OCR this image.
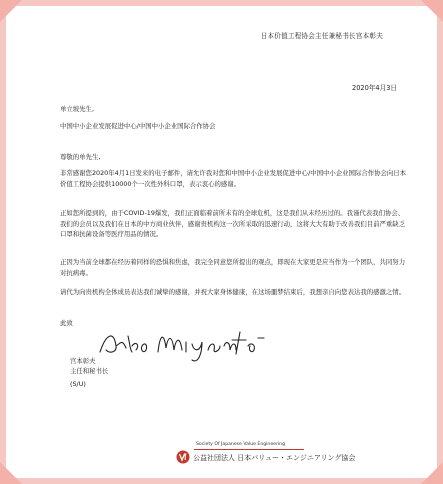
日本价值工程协会主任兼秘书长宫本彰夫
2020年4月3日
单立坡先生,
中国中小企业发展促进中心/中国中小企业国际合作协会
尊敬的单先生,
非常感谢您2020年4月1日发来的电子邮件，请允许我对您和中国中小企业发展促进中心/中国中小企业国际合作协会向日本价值工程协会提供10000个一次性外科口罩，表示衷心的感谢。
正如您所提到的，由于COVID-19爆发，我们正面临着前所未有的全球危机，这是我们从未经历过的。我谨代表我们协会、我们的会员以及我们在日本的中方商业伙伴，感谢贵机构这一次所采取的迅速行动，这将大大有助于改善我们目前严重缺乏口罩和抗菌设备等医疗用品的情况。
正因为当前全球都在经历着同样的恐惧和焦虑，我完全同意您所提出的观点，即现在大家更是应当作为一个团队，共同努力对抗病毒。
请代为向贵机构全体成员表达我们诚挚的感谢，并祝大家身体健康，在这场噩梦结束后，我想亲自向您表达我的感激之情。
此致
宫本彰夫
主任和秘书长
(S/U)
Society Of Japanese Value Engineering
公益社団法人 日本バリュー・エンジニアリング協会
